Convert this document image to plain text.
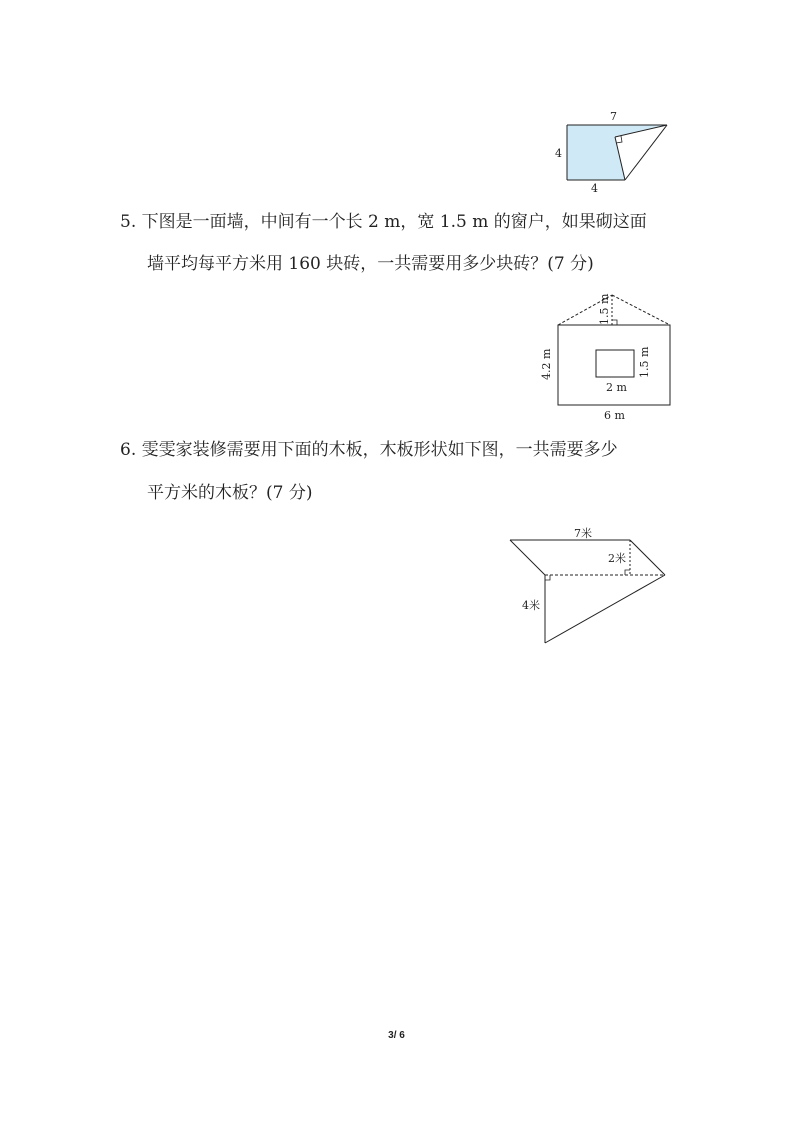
7
4
4
5. 下图是一面墙，中间有一个长 2 m，宽 1.5 m 的窗户，如果砌这面
墙平均每平方米用 160 块砖，一共需要用多少块砖？(7 分)
1.5 m
4.2 m	1.5 m
2 m
6 m
6. 雯雯家装修需要用下面的木板，木板形状如下图，一共需要多少
平方米的木板？(7 分)
7米
2米
4米
3/ 6
